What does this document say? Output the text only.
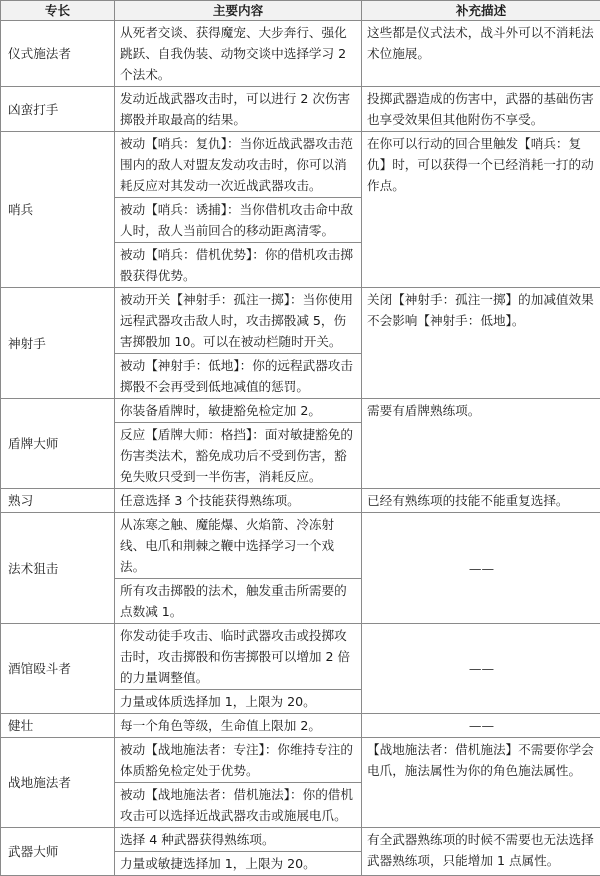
专长	主要内容	补充描述
仪式施法者	从死者交谈、获得魔宠、大步奔行、强化跳跃、自我伪装、动物交谈中选择学习 2 个法术。	这些都是仪式法术，战斗外可以不消耗法术位施展。
凶蛮打手	发动近战武器攻击时，可以进行 2 次伤害掷骰并取最高的结果。	投掷武器造成的伤害中，武器的基础伤害也享受效果但其他附伤不享受。
哨兵	被动【哨兵：复仇】：当你近战武器攻击范围内的敌人对盟友发动攻击时，你可以消耗反应对其发动一次近战武器攻击。	在你可以行动的回合里触发【哨兵：复仇】时，可以获得一个已经消耗一打的动作点。
	被动【哨兵：诱捕】：当你借机攻击命中敌人时，敌人当前回合的移动距离清零。	
	被动【哨兵：借机优势】：你的借机攻击掷骰获得优势。	
神射手	被动开关【神射手：孤注一掷】：当你使用远程武器攻击敌人时，攻击掷骰减 5，伤害掷骰加 10。可以在被动栏随时开关。	关闭【神射手：孤注一掷】的加减值效果不会影响【神射手：低地】。
	被动【神射手：低地】：你的远程武器攻击掷骰不会再受到低地减值的惩罚。	
盾牌大师	你装备盾牌时，敏捷豁免检定加 2。	需要有盾牌熟练项。
	反应【盾牌大师：格挡】：面对敏捷豁免的伤害类法术，豁免成功后不受到伤害，豁免失败只受到一半伤害，消耗反应。	
熟习	任意选择 3 个技能获得熟练项。	已经有熟练项的技能不能重复选择。
法术狙击	从冻寒之触、魔能爆、火焰箭、冷冻射线、电爪和荆棘之鞭中选择学习一个戏法。	——
	所有攻击掷骰的法术，触发重击所需要的点数减 1。	
酒馆殴斗者	你发动徒手攻击、临时武器攻击或投掷攻击时，攻击掷骰和伤害掷骰可以增加 2 倍的力量调整值。	——
	力量或体质选择加 1，上限为 20。	
健壮	每一个角色等级，生命值上限加 2。	——
战地施法者	被动【战地施法者：专注】：你维持专注的体质豁免检定处于优势。	【战地施法者：借机施法】不需要你学会电爪，施法属性为你的角色施法属性。
	被动【战地施法者：借机施法】：你的借机攻击可以选择近战武器攻击或施展电爪。	
武器大师	选择 4 种武器获得熟练项。	有全武器熟练项的时候不需要也无法选择武器熟练项，只能增加 1 点属性。
	力量或敏捷选择加 1，上限为 20。	
